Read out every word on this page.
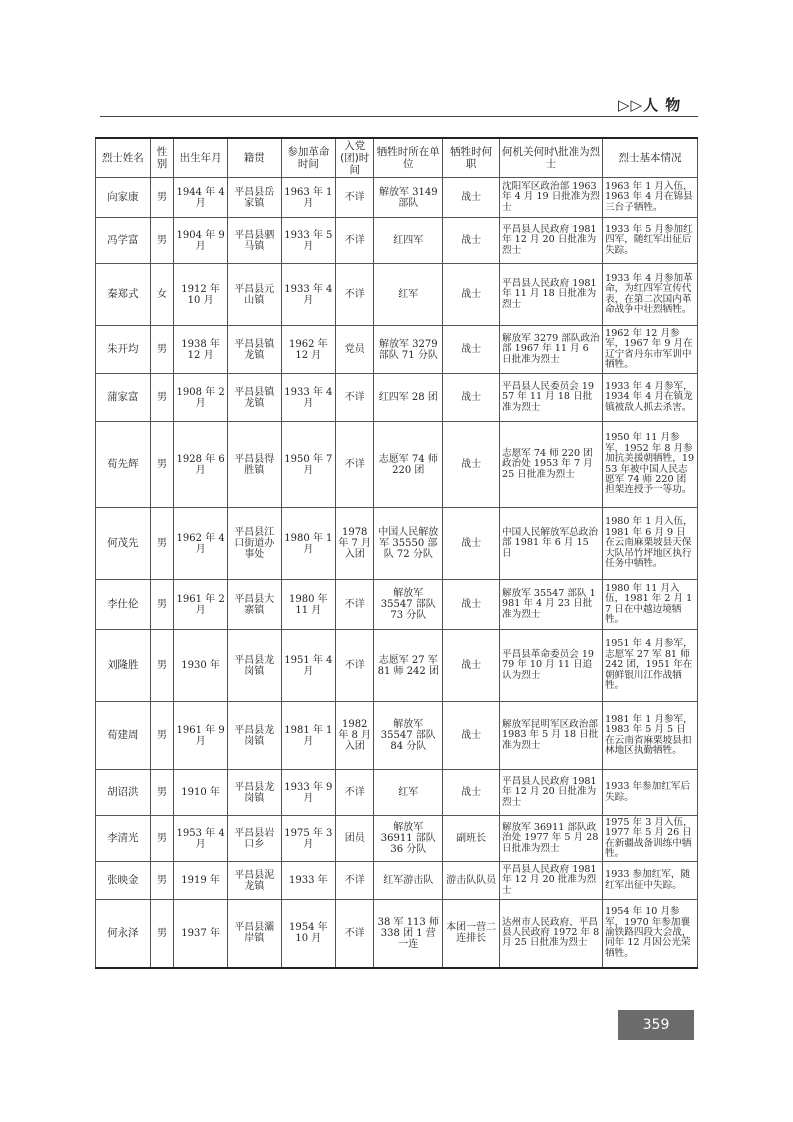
▷▷人 物
烈士姓名	性别	出生年月	籍贯	参加革命时间	入党(团)时间	牺牲时所在单位	牺牲时何职	何机关何时\批准为烈士	烈士基本情况
向家康	男	1944 年 4 月	平昌县岳家镇	1963 年 1 月	不详	解放军 3149 部队	战士	沈阳军区政治部 1963 年 4 月 19 日批准为烈士	1963 年 1 月入伍，1963 年 4 月在锦县三台子牺牲。
冯学富	男	1904 年 9 月	平昌县驷马镇	1933 年 5 月	不详	红四军	战士	平昌县人民政府 1981 年 12 月 20 日批准为烈士	1933 年 5 月参加红四军，随红军出征后失踪。
秦郑式	女	1912 年 10 月	平昌县元山镇	1933 年 4 月	不详	红军	战士	平昌县人民政府 1981 年 11 月 18 日批准为烈士	1933 年 4 月参加革命，为红四军宣传代表，在第二次国内革命战争中壮烈牺牲。
朱开均	男	1938 年 12 月	平昌县镇龙镇	1962 年 12 月	党员	解放军 3279 部队 71 分队	战士	解放军 3279 部队政治部 1967 年 11 月 6 日批准为烈士	1962 年 12 月参军，1967 年 9 月在辽宁省丹东市军训中牺牲。
蒲家富	男	1908 年 2 月	平昌县镇龙镇	1933 年 4 月	不详	红四军 28 团	战士	平昌县人民委员会 1957 年 11 月 18 日批准为烈士	1933 年 4 月参军，1934 年 4 月在镇龙镇被敌人抓去杀害。
荀先辉	男	1928 年 6 月	平昌县得胜镇	1950 年 7 月	不详	志愿军 74 师 220 团	战士	志愿军 74 师 220 团政治处 1953 年 7 月 25 日批准为烈士	1950 年 11 月参军，1952 年 8 月参加抗美援朝牺牲，1953 年被中国人民志愿军 74 师 220 团担架连授予一等功。
何茂先	男	1962 年 4 月	平昌县江口街道办事处	1980 年 1 月	1978 年 7 月入团	中国人民解放军 35550 部队 72 分队	战士	中国人民解放军总政治部 1981 年 6 月 15 日	1980 年 1 月入伍，1981 年 6 月 9 日在云南麻栗坡县天保大队吊竹坪地区执行任务中牺牲。
李仕伦	男	1961 年 2 月	平昌县大寨镇	1980 年 11 月	不详	解放军 35547 部队 73 分队	战士	解放军 35547 部队 1981 年 4 月 23 日批准为烈士	1980 年 11 月入伍，1981 年 2 月 17 日在中越边境牺牲。
刘隆胜	男	1930 年	平昌县龙岗镇	1951 年 4 月	不详	志愿军 27 军 81 师 242 团	战士	平昌县革命委员会 1979 年 10 月 11 日追认为烈士	1951 年 4 月参军，志愿军 27 军 81 师 242 团，1951 年在朝鲜银川江作战牺牲。
荀建周	男	1961 年 9 月	平昌县龙岗镇	1981 年 1 月	1982 年 8 月入团	解放军 35547 部队 84 分队	战士	解放军昆明军区政治部 1983 年 5 月 18 日批准为烈士	1981 年 1 月参军，1983 年 5 月 5 日在云南省麻栗坡县扣林地区执勤牺牲。
胡诏洪	男	1910 年	平昌县龙岗镇	1933 年 9 月	不详	红军	战士	平昌县人民政府 1981 年 12 月 20 日批准为烈士	1933 年参加红军后失踪。
李清光	男	1953 年 4 月	平昌县岩口乡	1975 年 3 月	团员	解放军 36911 部队 36 分队	副班长	解放军 36911 部队政治处 1977 年 5 月 28 日批准为烈士	1975 年 3 月入伍，1977 年 5 月 26 日在新疆战备训练中牺牲。
张映金	男	1919 年	平昌县泥龙镇	1933 年	不详	红军游击队	游击队队员	平昌县人民政府 1981 年 12 月 20 批准为烈士	1933 参加红军，随红军出征中失踪。
何永泽	男	1937 年	平昌县灞岸镇	1954 年 10 月	不详	38 军 113 师 338 团 1 营一连	本团一营二连排长	达州市人民政府、平昌县人民政府 1972 年 8 月 25 日批准为烈士	1954 年 10 月参军，1970 年参加襄渝铁路四段大会战，同年 12 月因公光荣牺牲。
359
